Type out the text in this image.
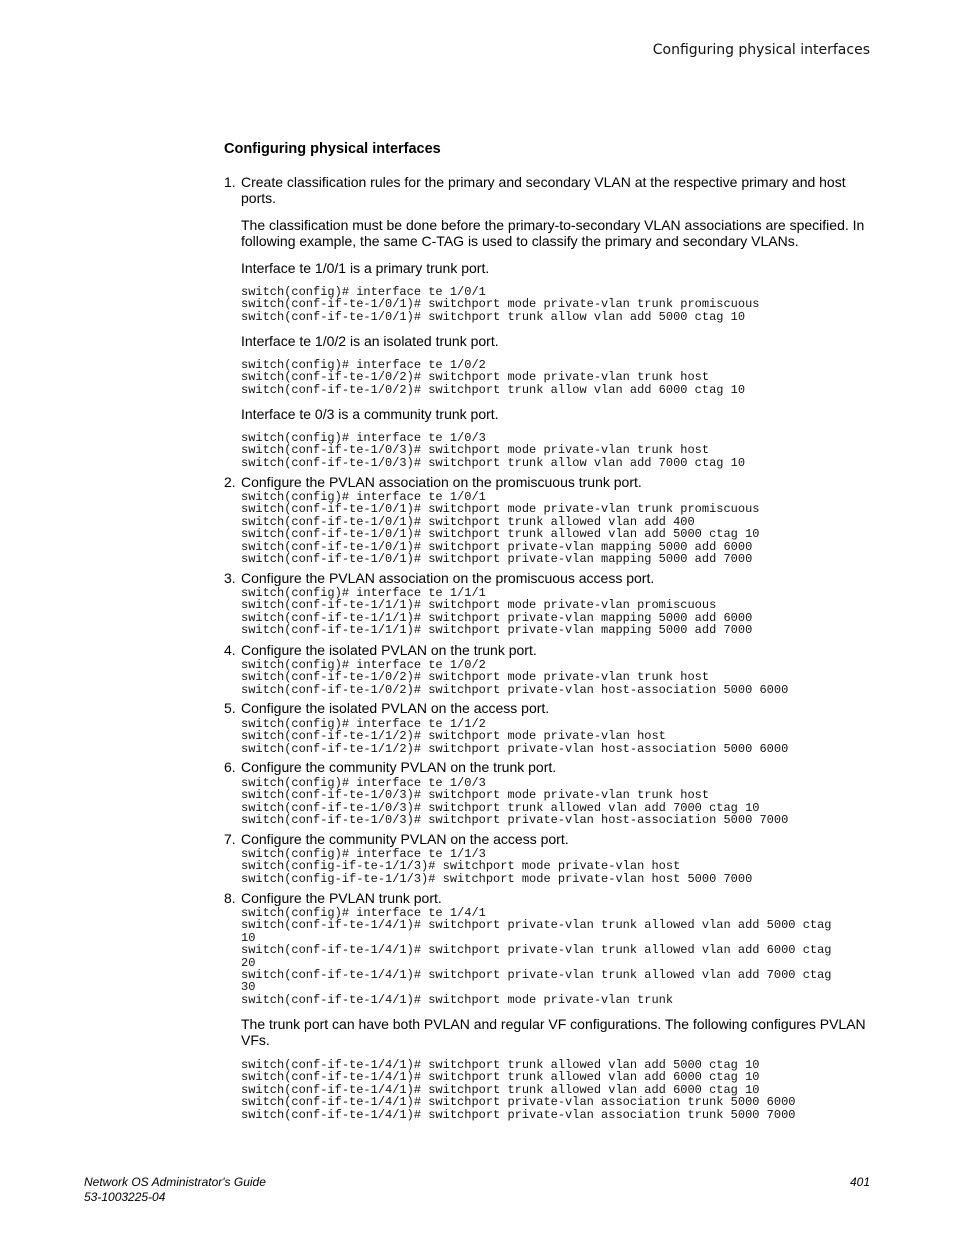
Configuring physical interfaces
Configuring physical interfaces
1. Create classification rules for the primary and secondary VLAN at the respective primary and host
ports.
The classification must be done before the primary-to-secondary VLAN associations are specified. In
following example, the same C-TAG is used to classify the primary and secondary VLANs.
Interface te 1/0/1 is a primary trunk port.
switch(config)# interface te 1/0/1
switch(conf-if-te-1/0/1)# switchport mode private-vlan trunk promiscuous
switch(conf-if-te-1/0/1)# switchport trunk allow vlan add 5000 ctag 10
Interface te 1/0/2 is an isolated trunk port.
switch(config)# interface te 1/0/2
switch(conf-if-te-1/0/2)# switchport mode private-vlan trunk host
switch(conf-if-te-1/0/2)# switchport trunk allow vlan add 6000 ctag 10
Interface te 0/3 is a community trunk port.
switch(config)# interface te 1/0/3
switch(conf-if-te-1/0/3)# switchport mode private-vlan trunk host
switch(conf-if-te-1/0/3)# switchport trunk allow vlan add 7000 ctag 10
2. Configure the PVLAN association on the promiscuous trunk port.
switch(config)# interface te 1/0/1
switch(conf-if-te-1/0/1)# switchport mode private-vlan trunk promiscuous
switch(conf-if-te-1/0/1)# switchport trunk allowed vlan add 400
switch(conf-if-te-1/0/1)# switchport trunk allowed vlan add 5000 ctag 10
switch(conf-if-te-1/0/1)# switchport private-vlan mapping 5000 add 6000
switch(conf-if-te-1/0/1)# switchport private-vlan mapping 5000 add 7000
3. Configure the PVLAN association on the promiscuous access port.
switch(config)# interface te 1/1/1
switch(conf-if-te-1/1/1)# switchport mode private-vlan promiscuous
switch(conf-if-te-1/1/1)# switchport private-vlan mapping 5000 add 6000
switch(conf-if-te-1/1/1)# switchport private-vlan mapping 5000 add 7000
4. Configure the isolated PVLAN on the trunk port.
switch(config)# interface te 1/0/2
switch(conf-if-te-1/0/2)# switchport mode private-vlan trunk host
switch(conf-if-te-1/0/2)# switchport private-vlan host-association 5000 6000
5. Configure the isolated PVLAN on the access port.
switch(config)# interface te 1/1/2
switch(conf-if-te-1/1/2)# switchport mode private-vlan host
switch(conf-if-te-1/1/2)# switchport private-vlan host-association 5000 6000
6. Configure the community PVLAN on the trunk port.
switch(config)# interface te 1/0/3
switch(conf-if-te-1/0/3)# switchport mode private-vlan trunk host
switch(conf-if-te-1/0/3)# switchport trunk allowed vlan add 7000 ctag 10
switch(conf-if-te-1/0/3)# switchport private-vlan host-association 5000 7000
7. Configure the community PVLAN on the access port.
switch(config)# interface te 1/1/3
switch(config-if-te-1/1/3)# switchport mode private-vlan host
switch(config-if-te-1/1/3)# switchport mode private-vlan host 5000 7000
8. Configure the PVLAN trunk port.
switch(config)# interface te 1/4/1
switch(conf-if-te-1/4/1)# switchport private-vlan trunk allowed vlan add 5000 ctag
10
switch(conf-if-te-1/4/1)# switchport private-vlan trunk allowed vlan add 6000 ctag
20
switch(conf-if-te-1/4/1)# switchport private-vlan trunk allowed vlan add 7000 ctag
30
switch(conf-if-te-1/4/1)# switchport mode private-vlan trunk
The trunk port can have both PVLAN and regular VF configurations. The following configures PVLAN
VFs.
switch(conf-if-te-1/4/1)# switchport trunk allowed vlan add 5000 ctag 10
switch(conf-if-te-1/4/1)# switchport trunk allowed vlan add 6000 ctag 10
switch(conf-if-te-1/4/1)# switchport trunk allowed vlan add 6000 ctag 10
switch(conf-if-te-1/4/1)# switchport private-vlan association trunk 5000 6000
switch(conf-if-te-1/4/1)# switchport private-vlan association trunk 5000 7000
Network OS Administrator's Guide
53-1003225-04
401
